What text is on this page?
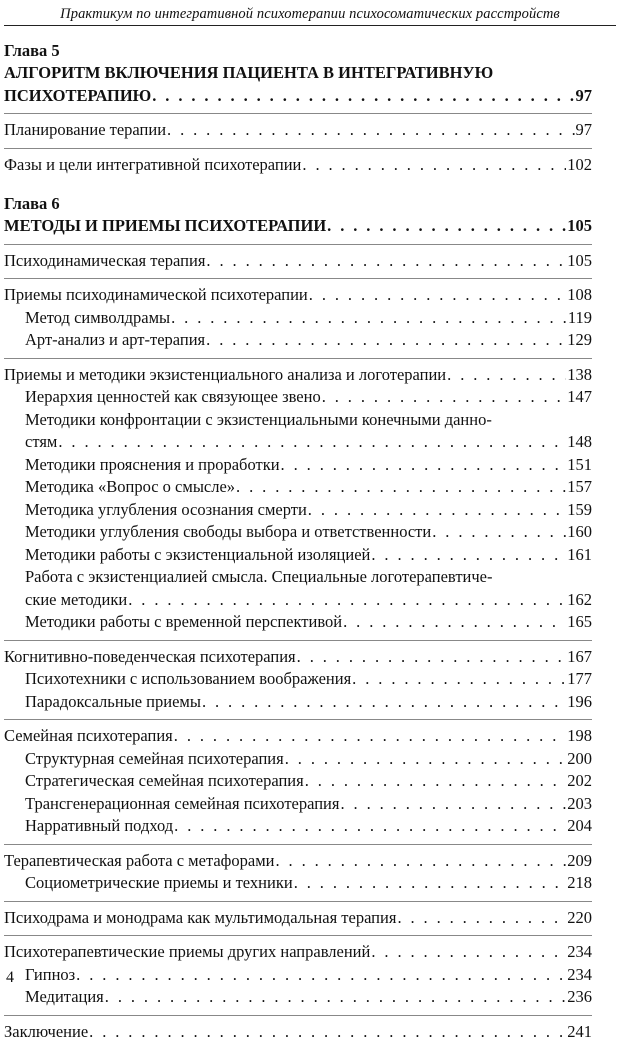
Практикум по интегративной психотерапии психосоматических расстройств
Глава 5
АЛГОРИТМ ВКЛЮЧЕНИЯ ПАЦИЕНТА В ИНТЕГРАТИВНУЮ
ПСИХОТЕРАПИЮ . . .	97
Планирование терапии . . .	97
Фазы и цели интегративной психотерапии . . .	102
Глава 6
МЕТОДЫ И ПРИЕМЫ ПСИХОТЕРАПИИ . . .	105
Психодинамическая терапия . . .	105
Приемы психодинамической психотерапии . . .	108
Метод символдрамы . . .	119
Арт-анализ и арт-терапия . . .	129
Приемы и методики экзистенциального анализа и логотерапии . . .	138
Иерархия ценностей как связующее звено . . .	147
Методики конфронтации с экзистенциальными конечными данно-
стям . . .	148
Методики прояснения и проработки . . .	151
Методика «Вопрос о смысле» . . .	157
Методика углубления осознания смерти . . .	159
Методики углубления свободы выбора и ответственности . . .	160
Методики работы с экзистенциальной изоляцией . . .	161
Работа с экзистенциалией смысла. Специальные логотерапевтиче-
ские методики . . .	162
Методики работы с временной перспективой . . .	165
Когнитивно-поведенческая психотерапия . . .	167
Психотехники с использованием воображения . . .	177
Парадоксальные приемы . . .	196
Семейная психотерапия . . .	198
Структурная семейная психотерапия . . .	200
Стратегическая семейная психотерапия . . .	202
Трансгенерационная семейная психотерапия . . .	203
Нарративный подход . . .	204
Терапевтическая работа с метафорами . . .	209
Социометрические приемы и техники . . .	218
Психодрама и монодрама как мультимодальная терапия . . .	220
Психотерапевтические приемы других направлений . . .	234
Гипноз . . .	234
Медитация . . .	236
Заключение . . .	241
4
